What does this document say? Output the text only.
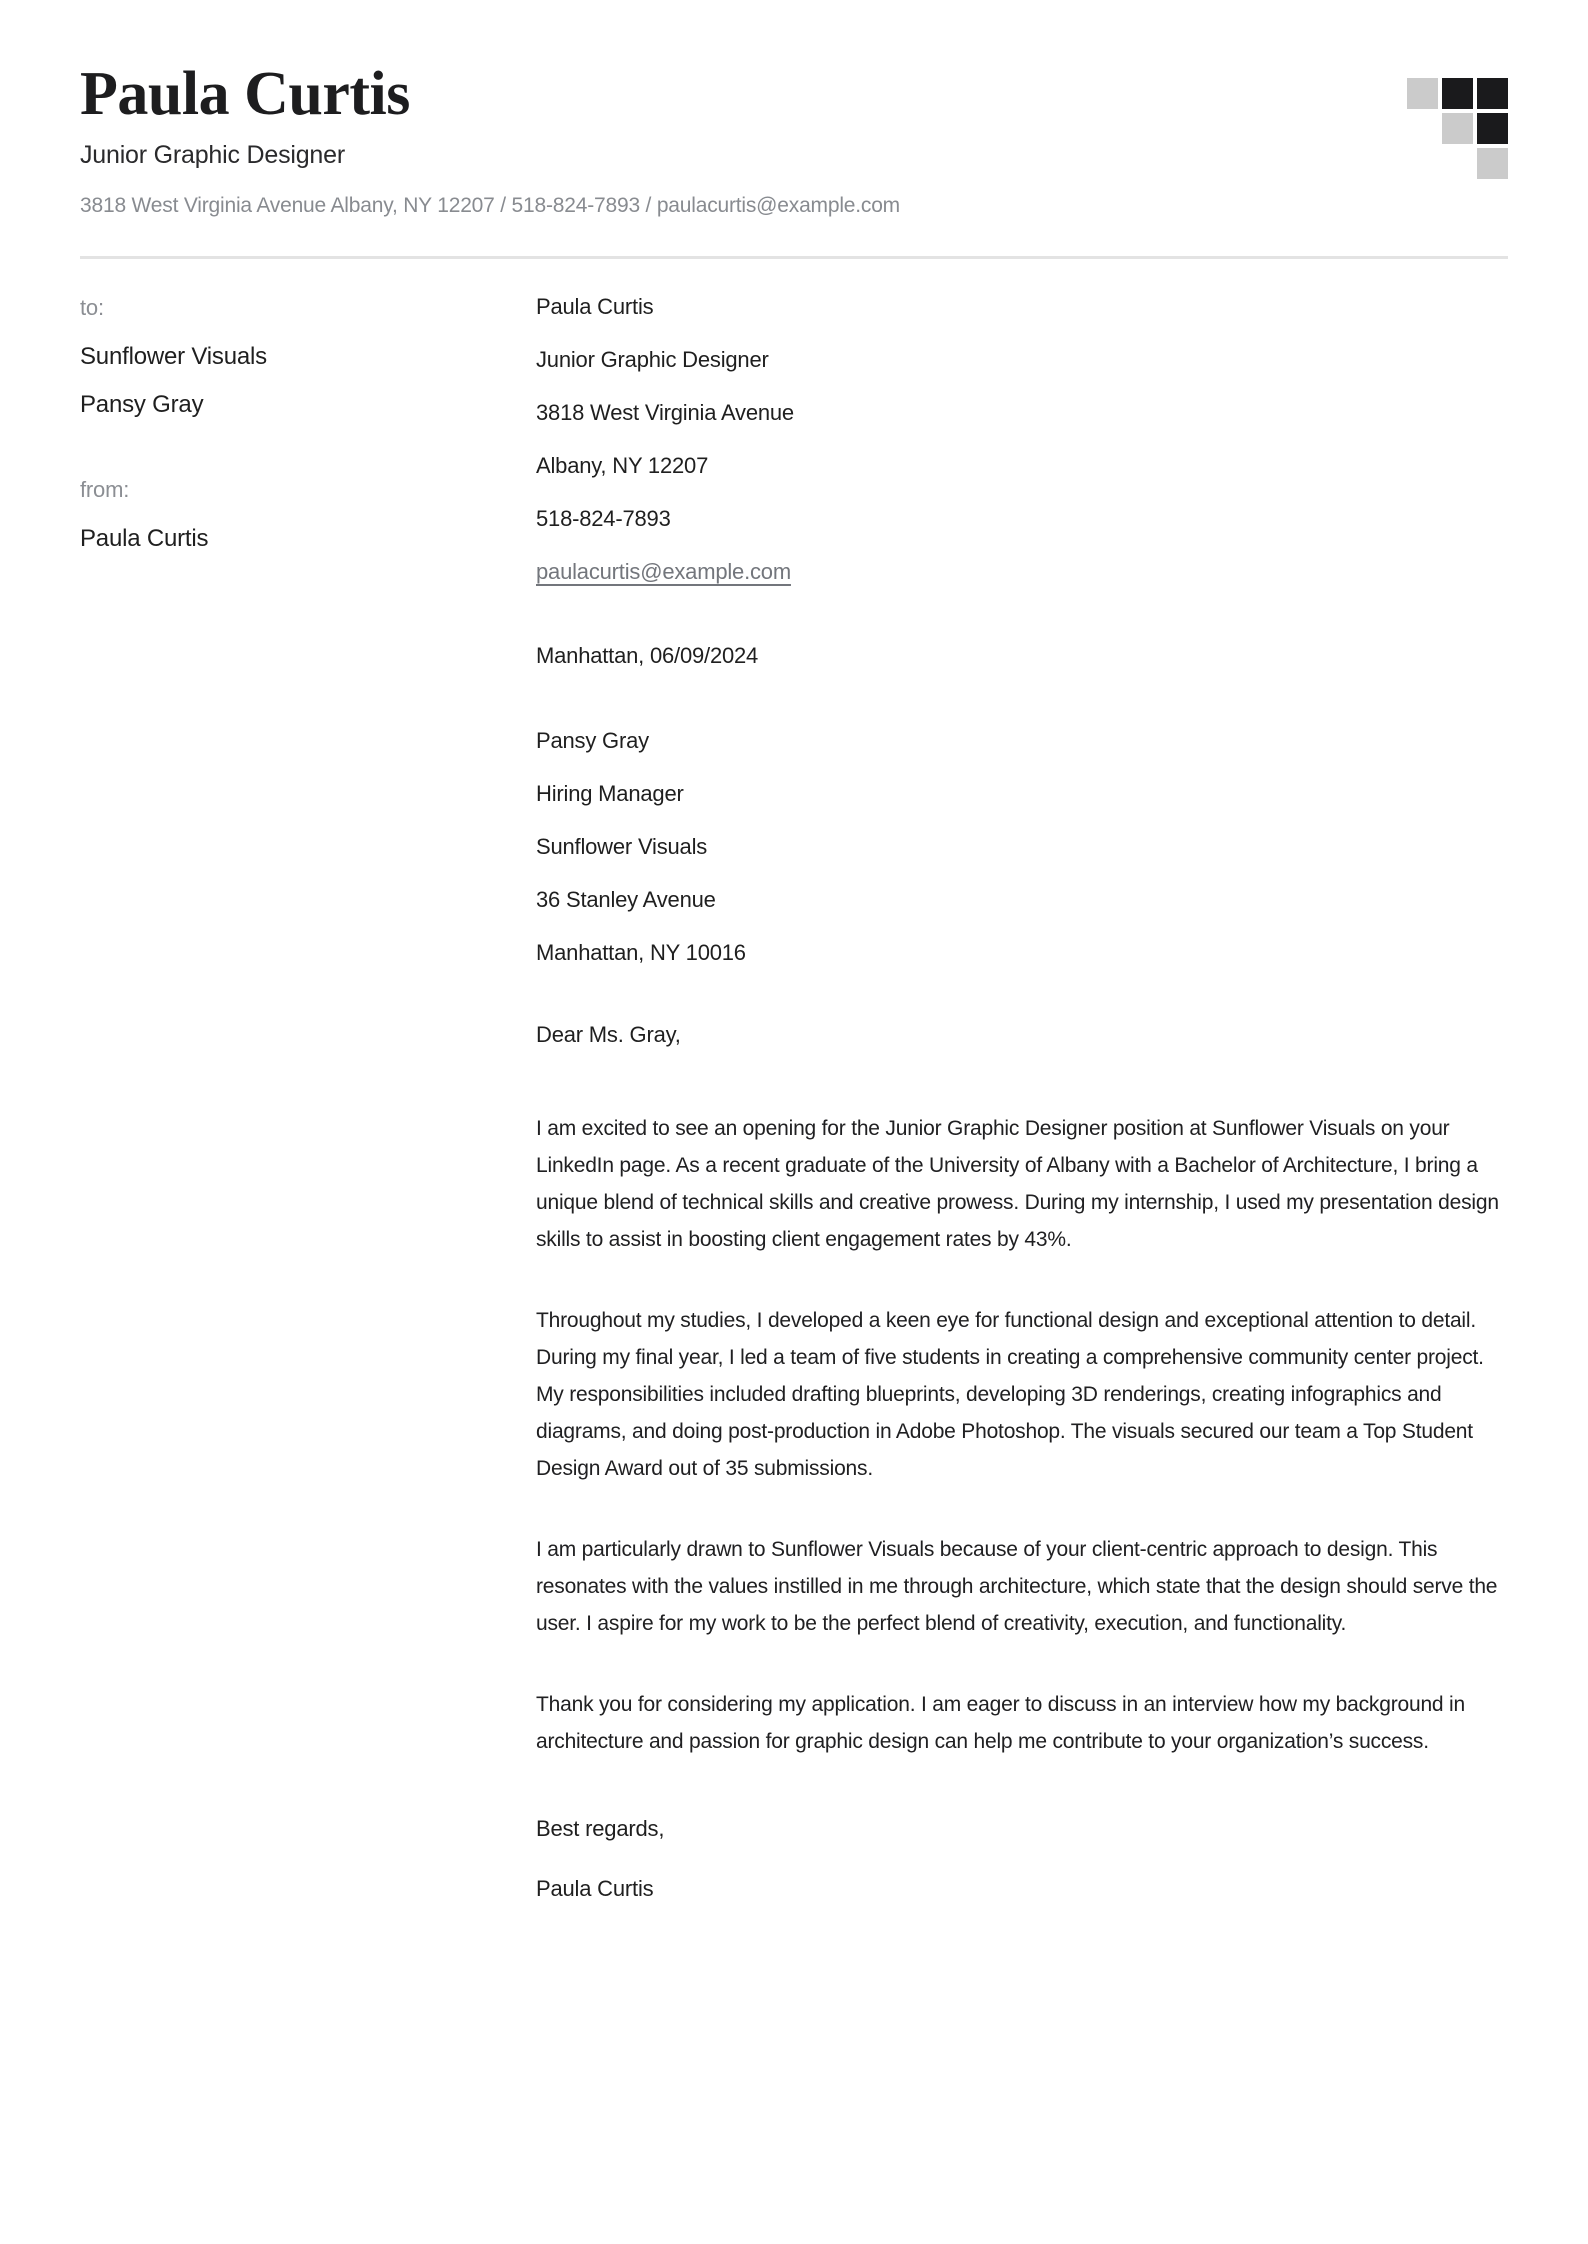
Paula Curtis
Junior Graphic Designer
3818 West Virginia Avenue Albany, NY 12207 / 518-824-7893 / paulacurtis@example.com
to:
Sunflower Visuals
Pansy Gray
from:
Paula Curtis
Paula Curtis
Junior Graphic Designer
3818 West Virginia Avenue
Albany, NY 12207
518-824-7893
paulacurtis@example.com
Manhattan, 06/09/2024
Pansy Gray
Hiring Manager
Sunflower Visuals
36 Stanley Avenue
Manhattan, NY 10016
Dear Ms. Gray,
I am excited to see an opening for the Junior Graphic Designer position at Sunflower Visuals on your LinkedIn page. As a recent graduate of the University of Albany with a Bachelor of Architecture, I bring a unique blend of technical skills and creative prowess. During my internship, I used my presentation design skills to assist in boosting client engagement rates by 43%.
Throughout my studies, I developed a keen eye for functional design and exceptional attention to detail. During my final year, I led a team of five students in creating a comprehensive community center project. My responsibilities included drafting blueprints, developing 3D renderings, creating infographics and diagrams, and doing post-production in Adobe Photoshop. The visuals secured our team a Top Student Design Award out of 35 submissions.
I am particularly drawn to Sunflower Visuals because of your client-centric approach to design. This resonates with the values instilled in me through architecture, which state that the design should serve the user. I aspire for my work to be the perfect blend of creativity, execution, and functionality.
Thank you for considering my application. I am eager to discuss in an interview how my background in architecture and passion for graphic design can help me contribute to your organization’s success.
Best regards,
Paula Curtis
